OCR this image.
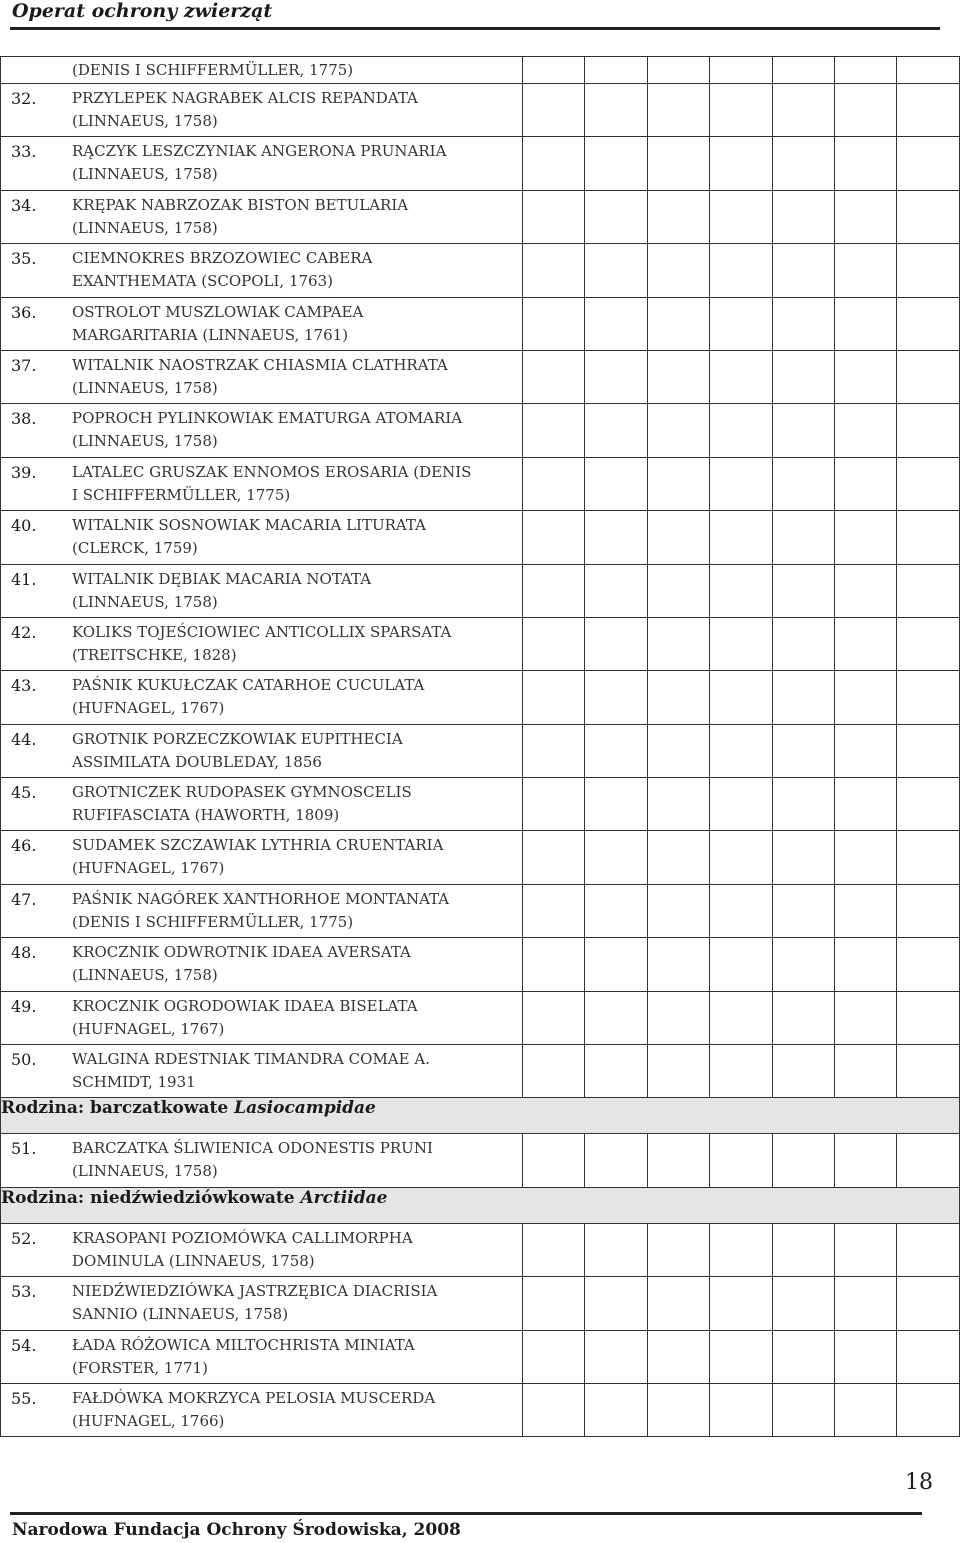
Operat ochrony zwierząt
(DENIS I SCHIFFERMÜLLER, 1775)							

32. PRZYLEPEK NAGRABEK ALCIS REPANDATA
(LINNAEUS, 1758)							

33. RĄCZYK LESZCZYNIAK ANGERONA PRUNARIA
(LINNAEUS, 1758)							

34. KRĘPAK NABRZOZAK BISTON BETULARIA
(LINNAEUS, 1758)							

35. CIEMNOKRES BRZOZOWIEC CABERA
EXANTHEMATA (SCOPOLI, 1763)							

36. OSTROLOT MUSZLOWIAK CAMPAEA
MARGARITARIA (LINNAEUS, 1761)							

37. WITALNIK NAOSTRZAK CHIASMIA CLATHRATA
(LINNAEUS, 1758)							

38. POPROCH PYLINKOWIAK EMATURGA ATOMARIA
(LINNAEUS, 1758)							

39. LATALEC GRUSZAK ENNOMOS EROSARIA (DENIS
I SCHIFFERMÜLLER, 1775)							

40. WITALNIK SOSNOWIAK MACARIA LITURATA
(CLERCK, 1759)							

41. WITALNIK DĘBIAK MACARIA NOTATA
(LINNAEUS, 1758)							

42. KOLIKS TOJEŚCIOWIEC ANTICOLLIX SPARSATA
(TREITSCHKE, 1828)							

43. PAŚNIK KUKUŁCZAK CATARHOE CUCULATA
(HUFNAGEL, 1767)							

44. GROTNIK PORZECZKOWIAK EUPITHECIA
ASSIMILATA DOUBLEDAY, 1856							

45. GROTNICZEK RUDOPASEK GYMNOSCELIS
RUFIFASCIATA (HAWORTH, 1809)							

46. SUDAMEK SZCZAWIAK LYTHRIA CRUENTARIA
(HUFNAGEL, 1767)							

47. PAŚNIK NAGÓREK XANTHORHOE MONTANATA
(DENIS I SCHIFFERMÜLLER, 1775)							

48. KROCZNIK ODWROTNIK IDAEA AVERSATA
(LINNAEUS, 1758)							

49. KROCZNIK OGRODOWIAK IDAEA BISELATA
(HUFNAGEL, 1767)							

50. WALGINA RDESTNIAK TIMANDRA COMAE A.
SCHMIDT, 1931							

Rodzina: barczatkowate Lasiocampidae							

51. BARCZATKA ŚLIWIENICA ODONESTIS PRUNI
(LINNAEUS, 1758)							

Rodzina: niedźwiedziówkowate Arctiidae							

52. KRASOPANI POZIOMÓWKA CALLIMORPHA
DOMINULA (LINNAEUS, 1758)							

53. NIEDŹWIEDZIÓWKA JASTRZĘBICA DIACRISIA
SANNIO (LINNAEUS, 1758)							

54. ŁADA RÓŻOWICA MILTOCHRISTA MINIATA
(FORSTER, 1771)							

55. FAŁDÓWKA MOKRZYCA PELOSIA MUSCERDA
(HUFNAGEL, 1766)							

18
Narodowa Fundacja Ochrony Środowiska, 2008
